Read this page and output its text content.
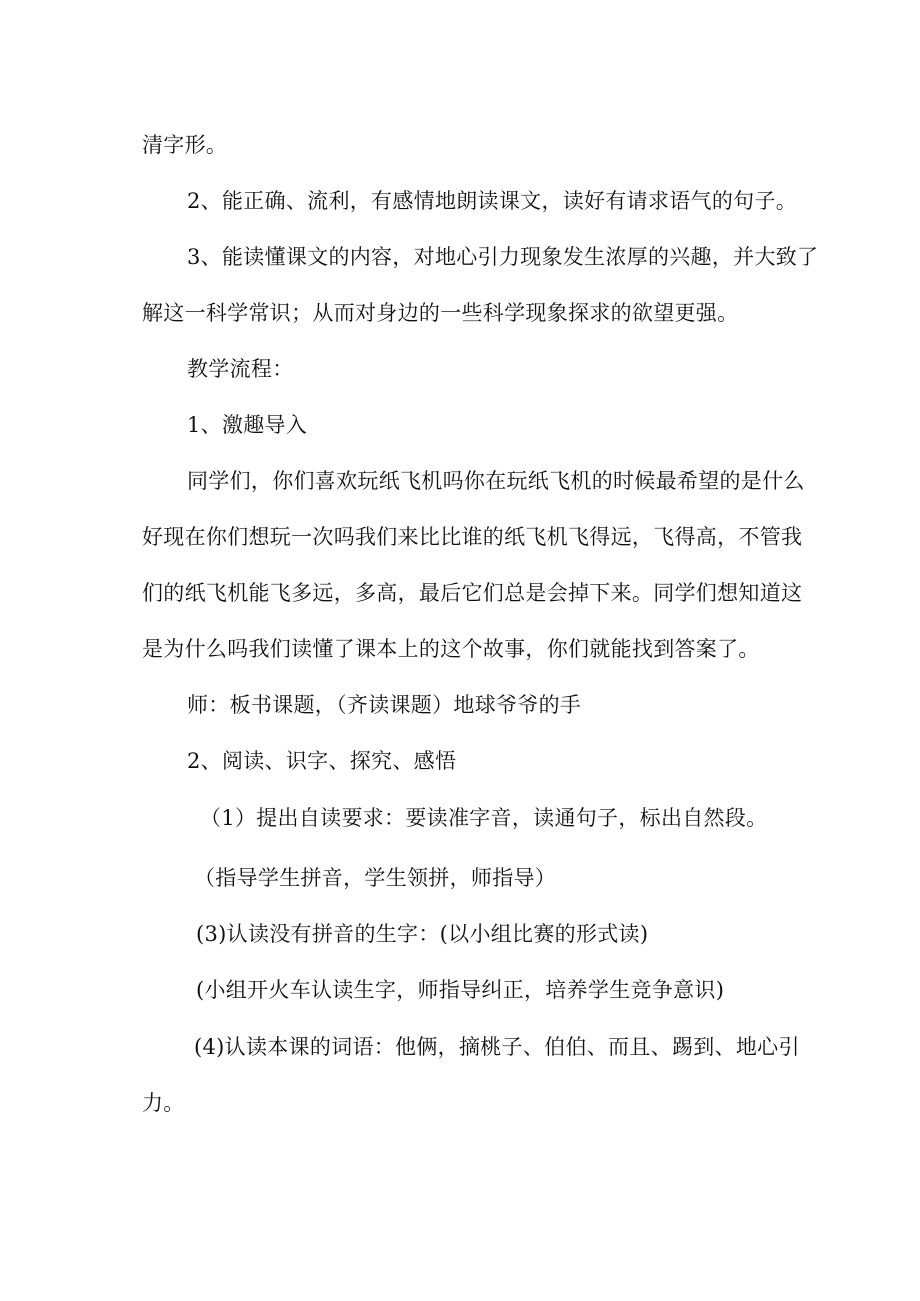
清字形。
2、能正确、流利，有感情地朗读课文，读好有请求语气的句子。
3、能读懂课文的内容，对地心引力现象发生浓厚的兴趣，并大致了
解这一科学常识；从而对身边的一些科学现象探求的欲望更强。
教学流程：
1、激趣导入
同学们，你们喜欢玩纸飞机吗你在玩纸飞机的时候最希望的是什么
好现在你们想玩一次吗我们来比比谁的纸飞机飞得远，飞得高，不管我
们的纸飞机能飞多远，多高，最后它们总是会掉下来。同学们想知道这
是为什么吗我们读懂了课本上的这个故事，你们就能找到答案了。
师：板书课题，（齐读课题）地球爷爷的手
2、阅读、识字、探究、感悟
（1）提出自读要求：要读准字音，读通句子，标出自然段。
（指导学生拼音，学生领拼，师指导）
(3)认读没有拼音的生字：(以小组比赛的形式读)
(小组开火车认读生字，师指导纠正，培养学生竞争意识)
(4)认读本课的词语：他俩，摘桃子、伯伯、而且、踢到、地心引
力。
